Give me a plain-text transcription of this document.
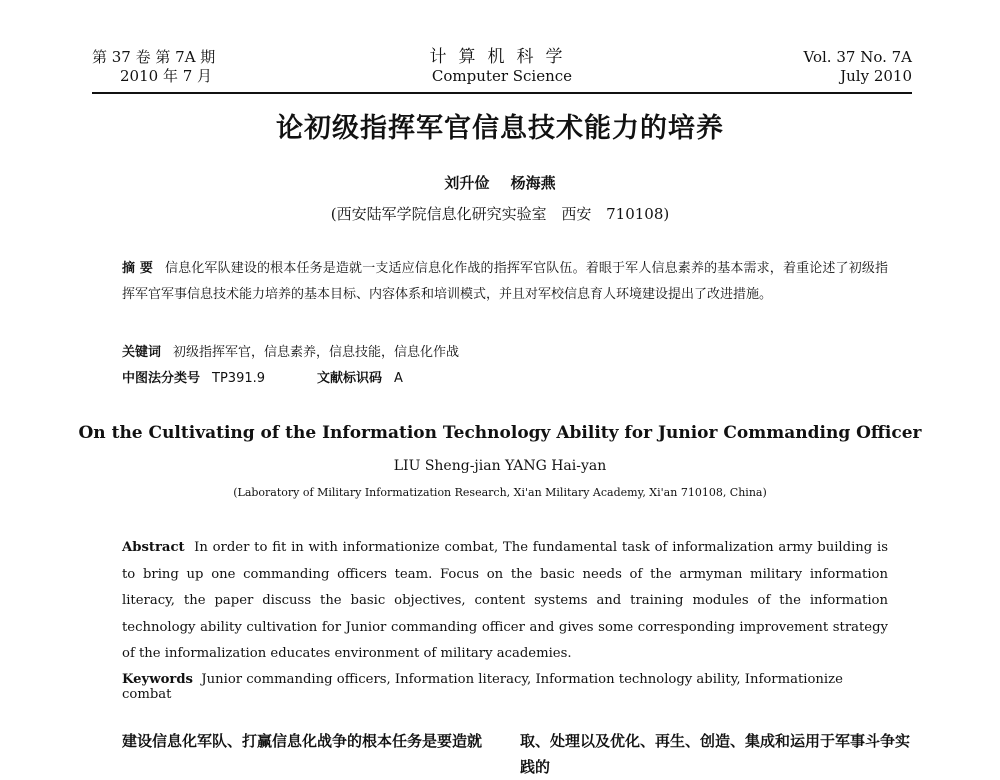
第 37 卷 第 7A 期
2010 年 7 月
计算机科学
Computer Science
Vol. 37 No. 7A
July 2010
论初级指挥军官信息技术能力的培养
刘升俭 杨海燕
(西安陆军学院信息化研究实验室 西安 710108)
摘 要 信息化军队建设的根本任务是造就一支适应信息化作战的指挥军官队伍。着眼于军人信息素养的基本需求，着重论述了初级指挥军官军事信息技术能力培养的基本目标、内容体系和培训模式，并且对军校信息育人环境建设提出了改进措施。
关键词 初级指挥军官，信息素养，信息技能，信息化作战
中图法分类号 TP391.9	文献标识码 A
On the Cultivating of the Information Technology Ability for Junior Commanding Officer
LIU Sheng-jian YANG Hai-yan
(Laboratory of Military Informatization Research, Xi'an Military Academy, Xi'an 710108, China)
Abstract In order to fit in with informationize combat, The fundamental task of informalization army building is to bring up one commanding officers team. Focus on the basic needs of the armyman military information literacy, the paper discuss the basic objectives, content systems and training modules of the information technology ability cultivation for Junior commanding officer and gives some corresponding improvement strategy of the informalization educates environment of military academies.
Keywords Junior commanding officers, Information literacy, Information technology ability, Informationize combat
建设信息化军队、打赢信息化战争的根本任务是要造就	取、处理以及优化、再生、创造、集成和运用于军事斗争实践的
